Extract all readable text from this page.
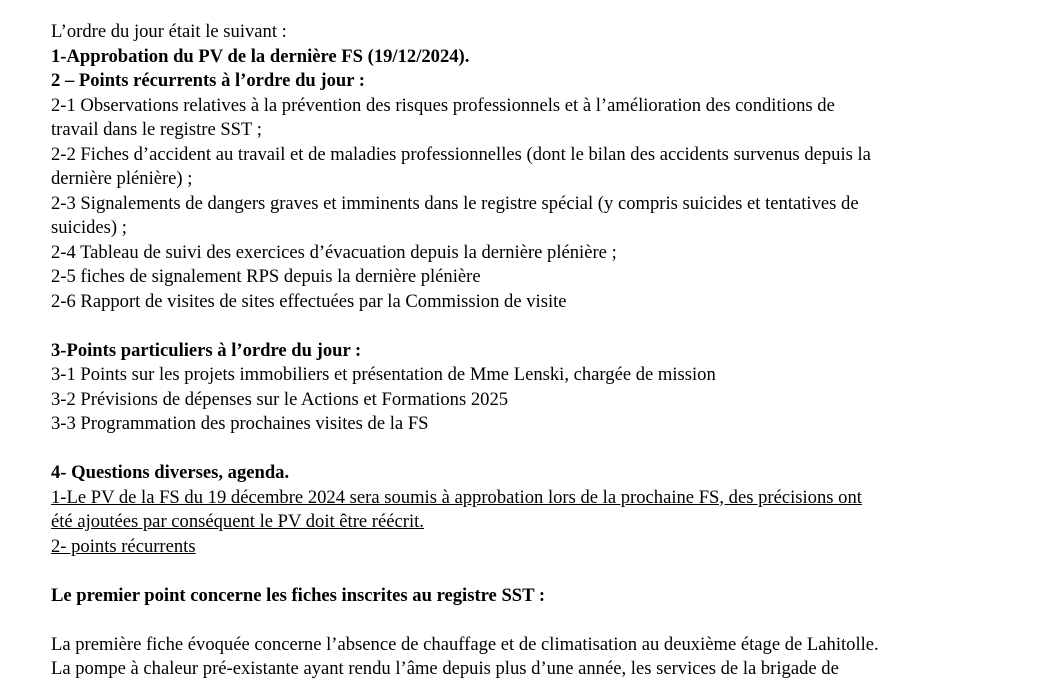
L’ordre du jour était le suivant :
1-Approbation du PV de la dernière FS (19/12/2024).
2 – Points récurrents à l’ordre du jour :
2-1 Observations relatives à la prévention des risques professionnels et à l’amélioration des conditions de
travail dans le registre SST ;
2-2 Fiches d’accident au travail et de maladies professionnelles (dont le bilan des accidents survenus depuis la
dernière plénière) ;
2-3 Signalements de dangers graves et imminents dans le registre spécial (y compris suicides et tentatives de
suicides) ;
2-4 Tableau de suivi des exercices d’évacuation depuis la dernière plénière ;
2-5 fiches de signalement RPS depuis la dernière plénière
2-6 Rapport de visites de sites effectuées par la Commission de visite
3-Points particuliers à l’ordre du jour :
3-1 Points sur les projets immobiliers et présentation de Mme Lenski, chargée de mission
3-2 Prévisions de dépenses sur le Actions et Formations 2025
3-3 Programmation des prochaines visites de la FS
4- Questions diverses, agenda.
1-Le PV de la FS du 19 décembre 2024 sera soumis à approbation lors de la prochaine FS, des précisions ont
été ajoutées par conséquent le PV doit être réécrit.
2- points récurrents
Le premier point concerne les fiches inscrites au registre SST :
La première fiche évoquée concerne l’absence de chauffage et de climatisation au deuxième étage de Lahitolle.
La pompe à chaleur pré-existante ayant rendu l’âme depuis plus d’une année, les services de la brigade de
